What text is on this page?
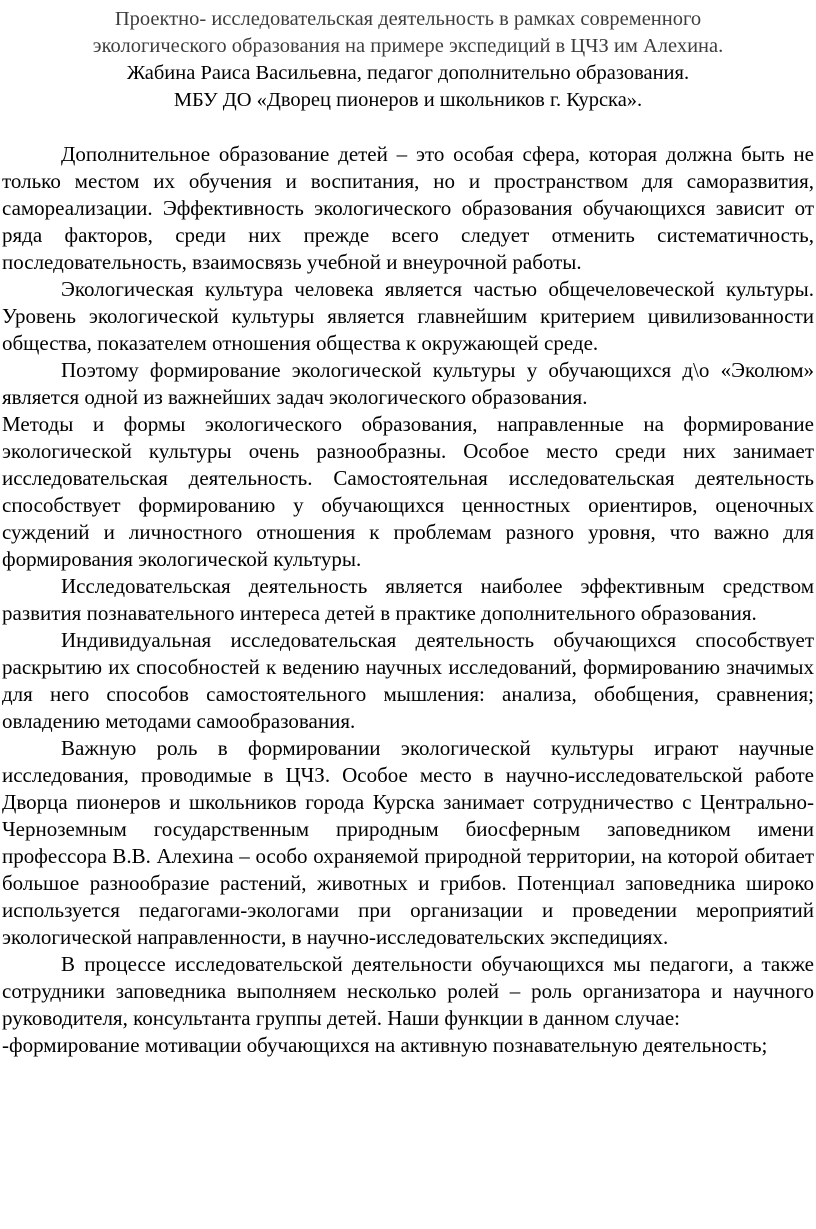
Проектно- исследовательская деятельность в рамках современного
экологического образования на примере экспедиций в ЦЧЗ им Алехина.
Жабина Раиса Васильевна, педагог дополнительно образования.
МБУ ДО «Дворец пионеров и школьников г. Курска».

Дополнительное образование детей – это особая сфера, которая должна быть не только местом их обучения и воспитания, но и пространством для саморазвития, самореализации. Эффективность экологического образования обучающихся зависит от ряда факторов, среди них прежде всего следует отменить систематичность, последовательность, взаимосвязь учебной и внеурочной работы.

Экологическая культура человека является частью общечеловеческой культуры. Уровень экологической культуры является главнейшим критерием цивилизованности общества, показателем отношения общества к окружающей среде.

Поэтому формирование экологической культуры у обучающихся д\о «Эколюм» является одной из важнейших задач экологического образования.

Методы и формы экологического образования, направленные на формирование экологической культуры очень разнообразны. Особое место среди них занимает исследовательская деятельность. Самостоятельная исследовательская деятельность способствует формированию у обучающихся ценностных ориентиров, оценочных суждений и личностного отношения к проблемам разного уровня, что важно для формирования экологической культуры.

Исследовательская деятельность является наиболее эффективным средством развития познавательного интереса детей в практике дополнительного образования.

Индивидуальная исследовательская деятельность обучающихся способствует раскрытию их способностей к ведению научных исследований, формированию значимых для него способов самостоятельного мышления: анализа, обобщения, сравнения; овладению методами самообразования.

Важную роль в формировании экологической культуры играют научные исследования, проводимые в ЦЧЗ. Особое место в научно-исследовательской работе Дворца пионеров и школьников города Курска занимает сотрудничество с Центрально-Черноземным государственным природным биосферным заповедником имени профессора В.В. Алехина – особо охраняемой природной территории, на которой обитает большое разнообразие растений, животных и грибов. Потенциал заповедника широко используется педагогами-экологами при организации и проведении мероприятий экологической направленности, в научно-исследовательских экспедициях.

В процессе исследовательской деятельности обучающихся мы педагоги, а также сотрудники заповедника выполняем несколько ролей – роль организатора и научного руководителя, консультанта группы детей. Наши функции в данном случае:

-формирование мотивации обучающихся на активную познавательную деятельность;
